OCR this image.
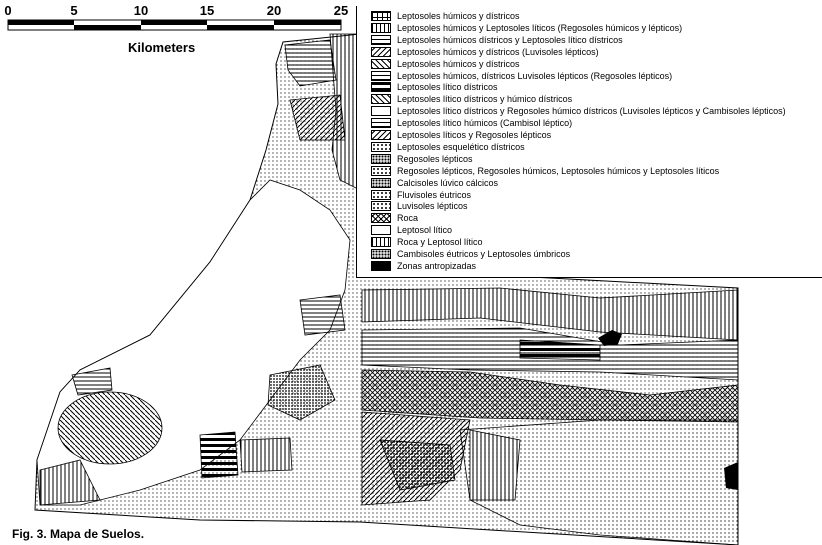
0	5	10	15	20	25
Kilometers
Leptosoles húmicos y dístricos
Leptosoles húmicos y Leptosoles líticos (Regosoles húmicos y lépticos)
Leptosoles húmicos dístricos y Leptosoles lítico dístricos
Leptosoles húmicos y dístricos (Luvisoles lépticos)
Leptosoles húmicos y dístricos
Leptosoles húmicos, dístricos Luvisoles lépticos (Regosoles lépticos)
Leptosoles lítico dístricos
Leptosoles lítico dístricos y húmico dístricos
Leptosoles lítico dístricos y Regosoles húmico dístricos (Luvisoles lépticos y Cambisoles lépticos)
Leptosoles lítico húmicos (Cambisol léptico)
Leptosoles líticos y Regosoles lépticos
Leptosoles esquelético dístricos
Regosoles lépticos
Regosoles lépticos, Regosoles húmicos, Leptosoles húmicos y Leptosoles líticos
Calcisoles lúvico cálcicos
Fluvisoles éutricos
Luvisoles lépticos
Roca
Leptosol lítico
Roca y Leptosol lítico
Cambisoles éutricos y Leptosoles úmbricos
Zonas antropizadas
Fig. 3. Mapa de Suelos.
